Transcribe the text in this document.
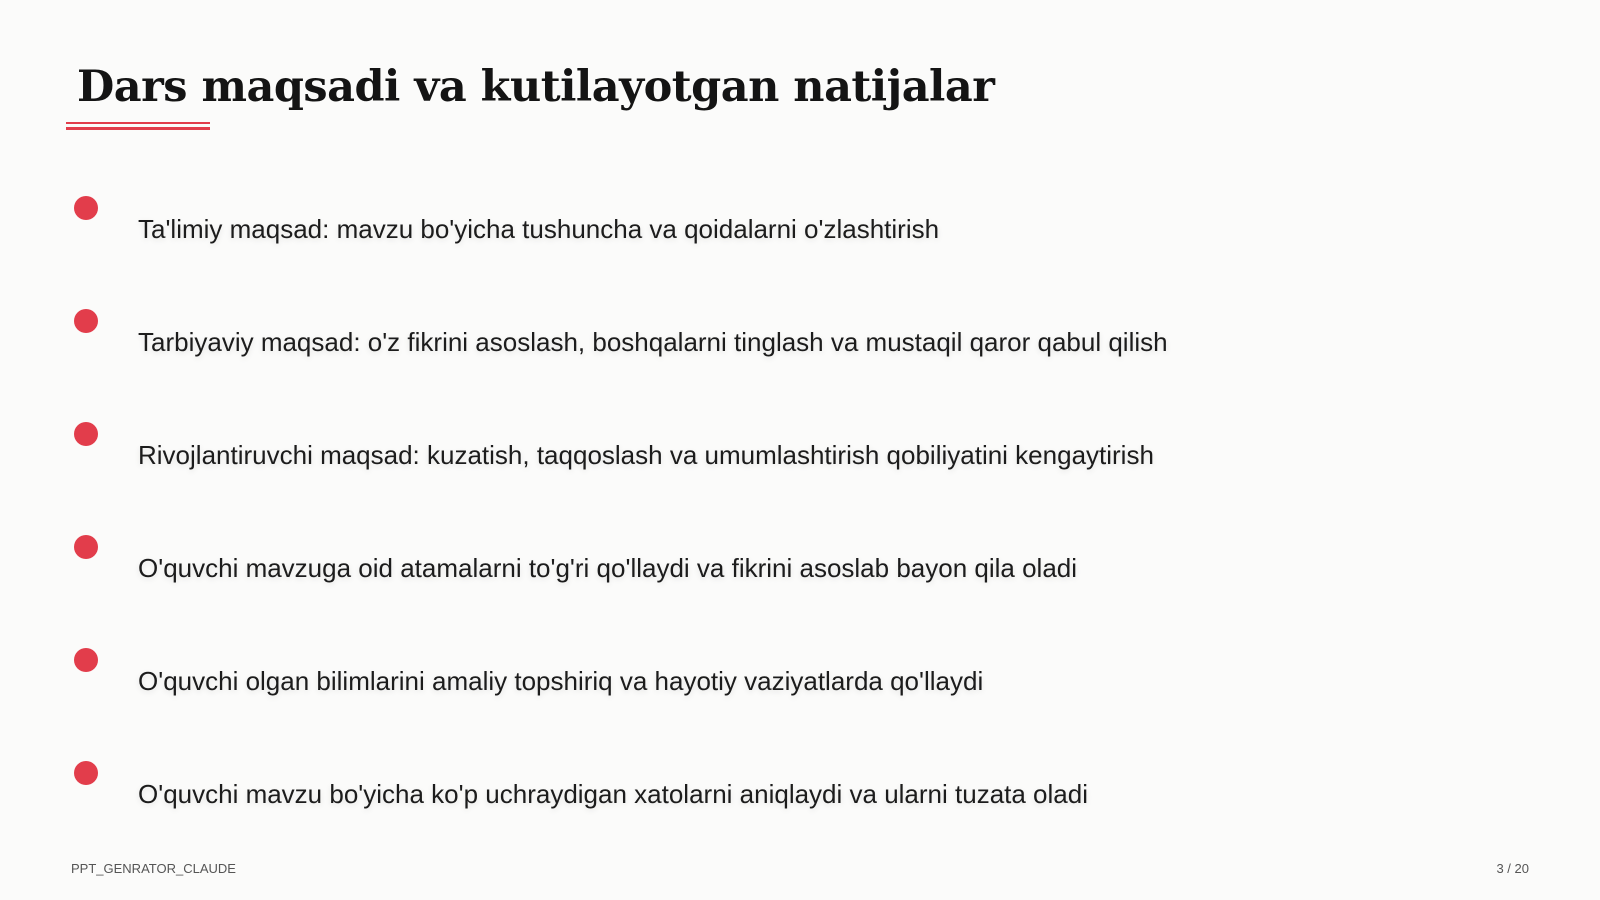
Dars maqsadi va kutilayotgan natijalar
Ta'limiy maqsad: mavzu bo'yicha tushuncha va qoidalarni o'zlashtirish
Tarbiyaviy maqsad: o'z fikrini asoslash, boshqalarni tinglash va mustaqil qaror qabul qilish
Rivojlantiruvchi maqsad: kuzatish, taqqoslash va umumlashtirish qobiliyatini kengaytirish
O'quvchi mavzuga oid atamalarni to'g'ri qo'llaydi va fikrini asoslab bayon qila oladi
O'quvchi olgan bilimlarini amaliy topshiriq va hayotiy vaziyatlarda qo'llaydi
O'quvchi mavzu bo'yicha ko'p uchraydigan xatolarni aniqlaydi va ularni tuzata oladi
PPT_GENRATOR_CLAUDE	3 / 20
